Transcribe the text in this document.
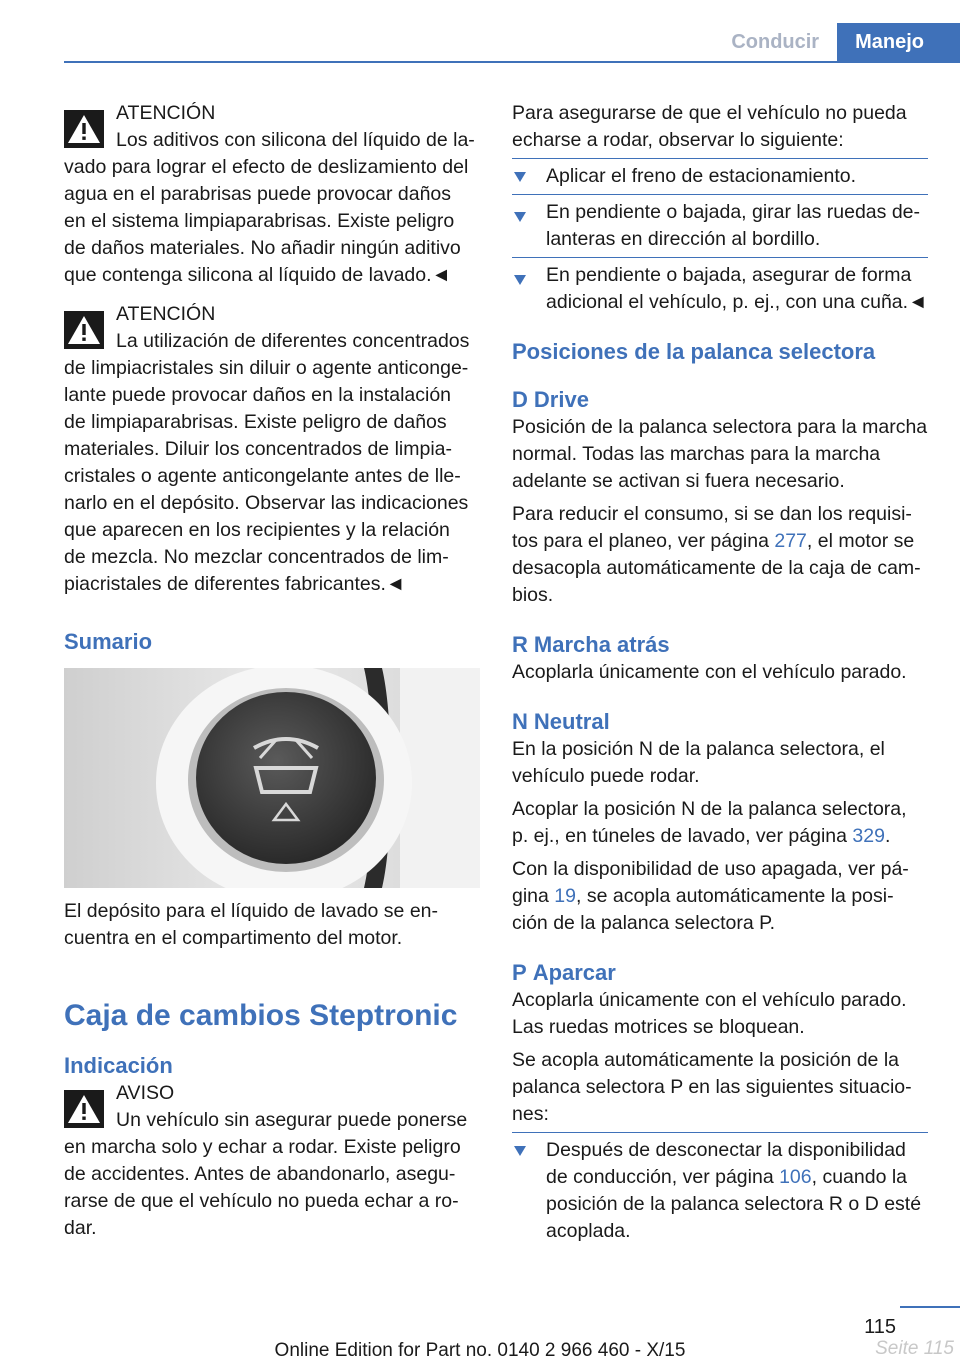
Conducir	Manejo

ATENCIÓN

Los aditivos con silicona del líquido de la-

vado para lograr el efecto de deslizamiento del

agua en el parabrisas puede provocar daños

en el sistema limpiaparabrisas. Existe peligro

de daños materiales. No añadir ningún aditivo

que contenga silicona al líquido de lavado.◄

ATENCIÓN

La utilización de diferentes concentrados

de limpiacristales sin diluir o agente anticonge-

lante puede provocar daños en la instalación

de limpiaparabrisas. Existe peligro de daños

materiales. Diluir los concentrados de limpia-

cristales o agente anticongelante antes de lle-

narlo en el depósito. Observar las indicaciones

que aparecen en los recipientes y la relación

de mezcla. No mezclar concentrados de lim-

piacristales de diferentes fabricantes.◄

Sumario

El depósito para el líquido de lavado se en-

cuentra en el compartimento del motor.

Caja de cambios Steptronic

Indicación

AVISO

Un vehículo sin asegurar puede ponerse

en marcha solo y echar a rodar. Existe peligro

de accidentes. Antes de abandonarlo, asegu-

rarse de que el vehículo no pueda echar a ro-

dar.

Para asegurarse de que el vehículo no pueda

echarse a rodar, observar lo siguiente:

Aplicar el freno de estacionamiento.
En pendiente o bajada, girar las ruedas de-
lanteras en dirección al bordillo.
En pendiente o bajada, asegurar de forma
adicional el vehículo, p. ej., con una cuña.◄

Posiciones de la palanca selectora

D Drive

Posición de la palanca selectora para la marcha

normal. Todas las marchas para la marcha

adelante se activan si fuera necesario.

Para reducir el consumo, si se dan los requisi-

tos para el planeo, ver página 277, el motor se

desacopla automáticamente de la caja de cam-

bios.

R Marcha atrás

Acoplarla únicamente con el vehículo parado.

N Neutral

En la posición N de la palanca selectora, el

vehículo puede rodar.

Acoplar la posición N de la palanca selectora,

p. ej., en túneles de lavado, ver página 329.

Con la disponibilidad de uso apagada, ver pá-

gina 19, se acopla automáticamente la posi-

ción de la palanca selectora P.

P Aparcar

Acoplarla únicamente con el vehículo parado.

Las ruedas motrices se bloquean.

Se acopla automáticamente la posición de la

palanca selectora P en las siguientes situacio-

nes:

Después de desconectar la disponibilidad
de conducción, ver página 106, cuando la
posición de la palanca selectora R o D esté
acoplada.
115
Online Edition for Part no. 0140 2 966 460 - X/15	Seite 115
